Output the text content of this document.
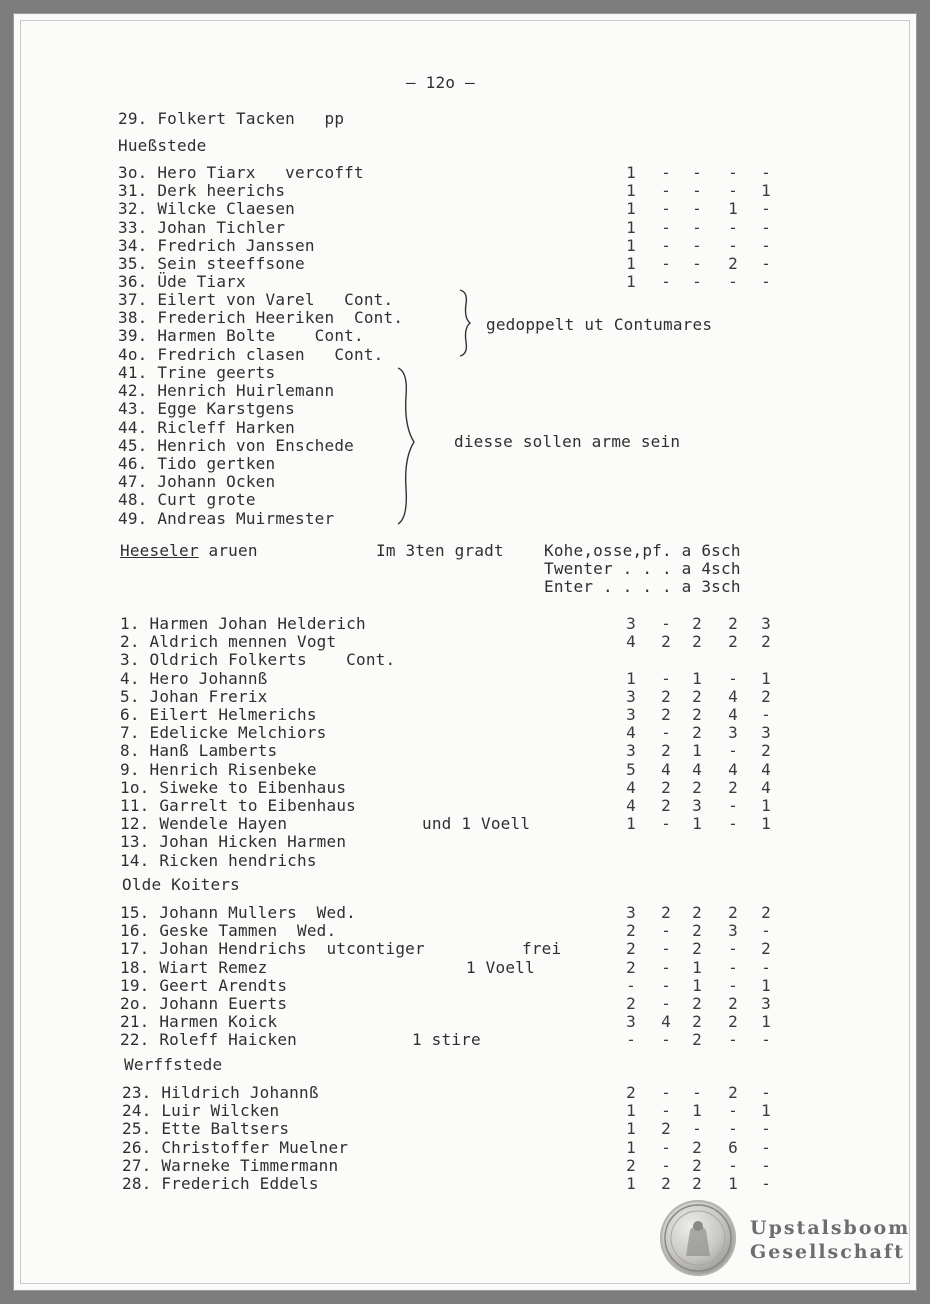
– 12o –
29. Folkert Tacken   pp
Hueßstede
3o. Hero Tiarx   vercofft	1 - - - -
31. Derk heerichs	1 - - - 1
32. Wilcke Claesen	1 - - 1 -
33. Johan Tichler	1 - - - -
34. Fredrich Janssen	1 - - - -
35. Sein steeffsone	1 - - 2 -
36. Üde Tiarx	1 - - - -
37. Eilert von Varel   Cont.
38. Frederich Heeriken  Cont.
39. Harmen Bolte    Cont.
4o. Fredrich clasen   Cont.
gedoppelt ut Contumares
41. Trine geerts
42. Henrich Huirlemann
43. Egge Karstgens
44. Ricleff Harken
45. Henrich von Enschede
46. Tido gertken
47. Johann Ocken
48. Curt grote
49. Andreas Muirmester
diesse sollen arme sein
Heeseler aruen	Im 3ten gradt	Kohe,osse,pf. a 6sch
Twenter . . . a 4sch
Enter . . . . a 3sch
1. Harmen Johan Helderich	3 - 2 2 3
2. Aldrich mennen Vogt	4 2 2 2 2
3. Oldrich Folkerts    Cont.
4. Hero Johannß	1 - 1 - 1
5. Johan Frerix	3 2 2 4 2
6. Eilert Helmerichs	3 2 2 4 -
7. Edelicke Melchiors	4 - 2 3 3
8. Hanß Lamberts	3 2 1 - 2
9. Henrich Risenbeke	5 4 4 4 4
1o. Siweke to Eibenhaus	4 2 2 2 4
11. Garrelt to Eibenhaus	4 2 3 - 1
12. Wendele Hayen	und 1 Voell	1 - 1 - 1
13. Johan Hicken Harmen
14. Ricken hendrichs
Olde Koiters
15. Johann Mullers  Wed.	3 2 2 2 2
16. Geske Tammen  Wed.	2 - 2 3 -
17. Johan Hendrichs  utcontiger	frei	2 - 2 - 2
18. Wiart Remez	1 Voell	2 - 1 - -
19. Geert Arendts	- - 1 - 1
2o. Johann Euerts	2 - 2 2 3
21. Harmen Koick	3 4 2 2 1
22. Roleff Haicken	1 stire	- - 2 - -
Werffstede
23. Hildrich Johannß	2 - - 2 -
24. Luir Wilcken	1 - 1 - 1
25. Ette Baltsers	1 2 - - -
26. Christoffer Muelner	1 - 2 6 -
27. Warneke Timmermann	2 - 2 - -
28. Frederich Eddels	1 2 2 1 -
Upstalsboom
Gesellschaft
